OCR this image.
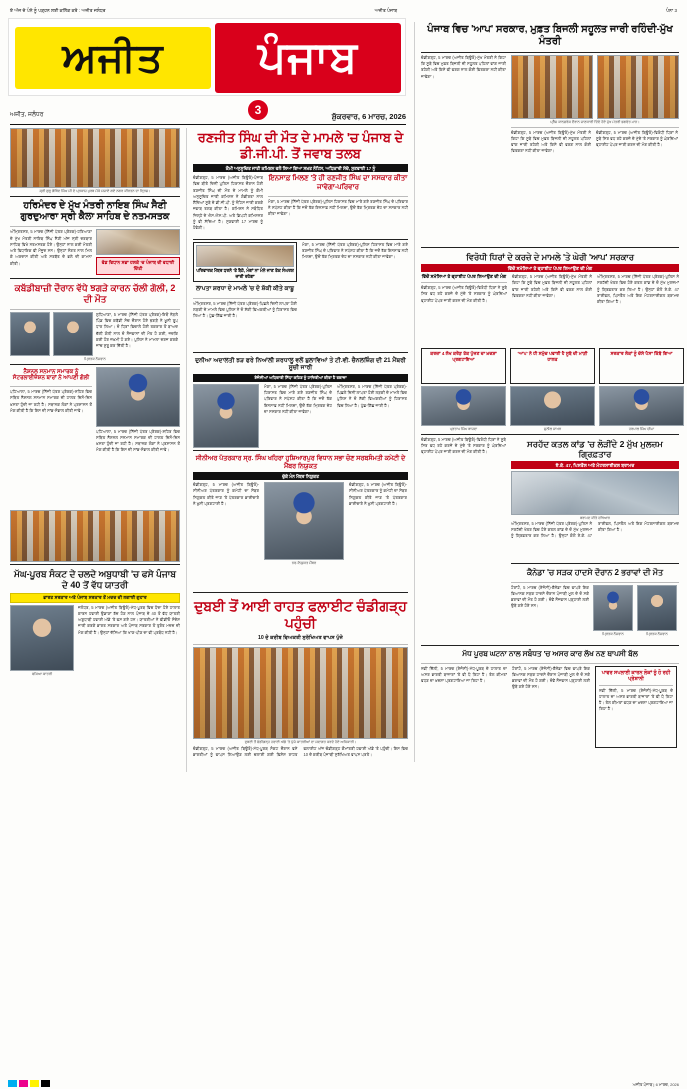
ਏ ਅੱਜ ਦੇ ਪੰਨੇ ਨੂੰ ਪੜ੍ਹਨ ਲਈ ਕਲਿੱਕ ਕਰੋ : ਅਜੀਤ ਜਲੰਧਰ	ਅਜੀਤ ਪੰਜਾਬ	ਪੰਨਾ 3
ਅਜੀਤ	ਪੰਜਾਬ
3
ਅਜੀਤ, ਜਲੰਧਰ	ਸ਼ੁੱਕਰਵਾਰ, 6 ਮਾਰਚ, 2026
ਸ੍ਰੀ ਗੁਰੂ ਗੋਬਿੰਦ ਸਿੰਘ ਜੀ ਦੇ ਪ੍ਰਕਾਸ਼ ਪੁਰਬ ਮੌਕੇ ਸਜਾਏ ਗਏ ਨਗਰ ਕੀਰਤਨ ਦਾ ਦ੍ਰਿਸ਼।
ਹਰਿਮੰਦਰ ਦੇ ਮੁੱਖ ਮੰਤਰੀ ਨਾਇਬ ਸਿੰਘ ਸੈਣੀ ਗੁਰਦੁਆਰਾ ਸ੍ਰੀ ਕੈਲਾ ਸਾਹਿਬ ਦੇ ਨਤਮਸਤਕ
ਅੰਮ੍ਰਿਤਸਰ, 5 ਮਾਰਚ (ਨਿੱਜੀ ਪੱਤਰ ਪ੍ਰੇਰਕ)-ਹਰਿਆਣਾ ਦੇ ਮੁੱਖ ਮੰਤਰੀ ਨਾਇਬ ਸਿੰਘ ਸੈਣੀ ਅੱਜ ਸ੍ਰੀ ਦਰਬਾਰ ਸਾਹਿਬ ਵਿਖੇ ਨਤਮਸਤਕ ਹੋਏ। ਉਨ੍ਹਾਂ ਨਾਲ ਕਈ ਮੰਤਰੀ ਅਤੇ ਵਿਧਾਇਕ ਵੀ ਮੌਜੂਦ ਸਨ। ਉਨ੍ਹਾਂ ਸੰਗਤ ਨਾਲ ਮਿਲ ਕੇ ਅਰਦਾਸ ਕੀਤੀ ਅਤੇ ਸਰਬੱਤ ਦੇ ਭਲੇ ਦੀ ਕਾਮਨਾ ਕੀਤੀ।	ਵੱਡ ਵਿਧਾਨ ਸਭਾ ਹਲਕੇ 'ਚ ਪੰਜਾਬ ਦੀ ਵਧਾਈ ਦਿੱਤੀ
ਕਬੱਡੀਬਾਜ਼ੀ ਦੌਰਾਨ ਵੱਧੇ ਝਗੜੇ ਕਾਰਨ ਚੱਲੀ ਗੋਲੀ, 2 ਦੀ ਮੌਤ
ਲੁਧਿਆਣਾ, 5 ਮਾਰਚ (ਨਿੱਜੀ ਪੱਤਰ ਪ੍ਰੇਰਕ)-ਇਥੋਂ ਨੇੜਲੇ ਪਿੰਡ ਵਿਚ ਕਬੱਡੀ ਮੈਚ ਦੌਰਾਨ ਹੋਏ ਝਗੜੇ ਨੇ ਖ਼ੂਨੀ ਰੂਪ ਧਾਰ ਲਿਆ। ਦੋ ਧਿਰਾਂ ਵਿਚਾਲੇ ਹੋਈ ਤਕਰਾਰ ਤੋਂ ਬਾਅਦ ਚੱਲੀ ਗੋਲੀ ਨਾਲ ਦੋ ਨੌਜਵਾਨਾਂ ਦੀ ਮੌਤ ਹੋ ਗਈ, ਜਦਕਿ ਕਈ ਹੋਰ ਜ਼ਖ਼ਮੀ ਹੋ ਗਏ। ਪੁਲਿਸ ਨੇ ਮਾਮਲਾ ਦਰਜ ਕਰਕੇ ਜਾਂਚ ਸ਼ੁਰੂ ਕਰ ਦਿੱਤੀ ਹੈ।
ਮ੍ਰਿਤਕ ਨੌਜਵਾਨ
ਨੈਸ਼ਨਲ ਸਨਮਾਨ ਸਮਾਰਕ ਨੂੰ ਸੰਟਰਲਾਈਜ਼ੇਸ਼ਨ ਬਾਰਾਂ ਨੇ ਆਪਣੀ ਗੋਲੀ
ਪਟਿਆਲਾ, 5 ਮਾਰਚ (ਨਿੱਜੀ ਪੱਤਰ ਪ੍ਰੇਰਕ)-ਸ਼ਹਿਰ ਵਿਚ ਸਥਿਤ ਨੈਸ਼ਨਲ ਸਨਮਾਨ ਸਮਾਰਕ ਦੀ ਹਾਲਤ ਦਿਨੋ-ਦਿਨ ਖ਼ਸਤਾ ਹੁੰਦੀ ਜਾ ਰਹੀ ਹੈ। ਸਥਾਨਕ ਲੋਕਾਂ ਨੇ ਪ੍ਰਸ਼ਾਸਨ ਤੋਂ ਮੰਗ ਕੀਤੀ ਹੈ ਕਿ ਇਸ ਦੀ ਸਾਂਭ-ਸੰਭਾਲ ਕੀਤੀ ਜਾਵੇ।
ਪਟਿਆਲਾ, 5 ਮਾਰਚ (ਨਿੱਜੀ ਪੱਤਰ ਪ੍ਰੇਰਕ)-ਸ਼ਹਿਰ ਵਿਚ ਸਥਿਤ ਨੈਸ਼ਨਲ ਸਨਮਾਨ ਸਮਾਰਕ ਦੀ ਹਾਲਤ ਦਿਨੋ-ਦਿਨ ਖ਼ਸਤਾ ਹੁੰਦੀ ਜਾ ਰਹੀ ਹੈ। ਸਥਾਨਕ ਲੋਕਾਂ ਨੇ ਪ੍ਰਸ਼ਾਸਨ ਤੋਂ ਮੰਗ ਕੀਤੀ ਹੈ ਕਿ ਇਸ ਦੀ ਸਾਂਭ-ਸੰਭਾਲ ਕੀਤੀ ਜਾਵੇ।
ਮੱਘ-ਪੂਰਬ ਸੰਕਟ ਦੇ ਚਲਦੇ ਅਬੁਧਾਬੀ 'ਚ ਫਸੇ ਪੰਜਾਬ ਦੇ 40 ਤੋਂ ਵੱਧ ਯਾਤਰੀ
ਭਾਰਤ ਸਰਕਾਰ ਅਤੇ ਪੰਜਾਬ ਸਰਕਾਰ ਤੋਂ ਮਦਦ ਦੀ ਲਗਾਈ ਗੁਹਾਰ
ਫਸਿਆ ਯਾਤਰੀ
ਜਲੰਧਰ, 5 ਮਾਰਚ (ਅਜੀਤ ਬਿਊਰੋ)-ਮੱਧ-ਪੂਰਬ ਵਿਚ ਪੈਦਾ ਹੋਏ ਹਾਲਾਤ ਕਾਰਨ ਹਵਾਈ ਉਡਾਣਾਂ ਰੱਦ ਹੋਣ ਨਾਲ ਪੰਜਾਬ ਦੇ 40 ਤੋਂ ਵੱਧ ਯਾਤਰੀ ਅਬੁਧਾਬੀ ਹਵਾਈ ਅੱਡੇ 'ਤੇ ਫਸ ਗਏ ਹਨ। ਯਾਤਰੀਆਂ ਨੇ ਵੀਡੀਓ ਸੰਦੇਸ਼ ਜਾਰੀ ਕਰਕੇ ਭਾਰਤ ਸਰਕਾਰ ਅਤੇ ਪੰਜਾਬ ਸਰਕਾਰ ਤੋਂ ਤੁਰੰਤ ਮਦਦ ਦੀ ਮੰਗ ਕੀਤੀ ਹੈ। ਉਨ੍ਹਾਂ ਦੱਸਿਆ ਕਿ ਖਾਣ-ਪੀਣ ਦਾ ਵੀ ਪ੍ਰਬੰਧ ਨਹੀਂ ਹੈ।
ਰਣਜੀਤ ਸਿੰਘ ਦੀ ਮੌਤ ਦੇ ਮਾਮਲੇ 'ਚ ਪੰਜਾਬ ਦੇ ਡੀ.ਜੀ.ਪੀ. ਤੋਂ ਜਵਾਬ ਤਲਬ
ਕੌਮੀ ਅਨੁਸੂਚਿਤ ਜਾਤੀ ਕਮਿਸ਼ਨ ਵਲੋਂ ਲਿਆ ਗਿਆ ਸਖ਼ਤ ਨੋਟਿਸ, ਅਧਿਕਾਰੀ ਸੱਦੇ, ਸੁਣਵਾਈ 17 ਨੂੰ
ਚੰਡੀਗੜ੍ਹ, 5 ਮਾਰਚ (ਅਜੀਤ ਬਿਊਰੋ)-ਪੰਜਾਬ ਵਿਚ ਬੀਤੇ ਦਿਨੀਂ ਪੁਲਿਸ ਹਿਰਾਸਤ ਦੌਰਾਨ ਹੋਈ ਰਣਜੀਤ ਸਿੰਘ ਦੀ ਮੌਤ ਦੇ ਮਾਮਲੇ ਨੂੰ ਕੌਮੀ ਅਨੁਸੂਚਿਤ ਜਾਤੀ ਕਮਿਸ਼ਨ ਨੇ ਗੰਭੀਰਤਾ ਨਾਲ ਲੈਂਦਿਆਂ ਸੂਬੇ ਦੇ ਡੀ.ਜੀ.ਪੀ. ਨੂੰ ਨੋਟਿਸ ਜਾਰੀ ਕਰਕੇ ਜਵਾਬ ਤਲਬ ਕੀਤਾ ਹੈ। ਕਮਿਸ਼ਨ ਨੇ ਸਬੰਧਿਤ ਜ਼ਿਲ੍ਹੇ ਦੇ ਐਸ.ਐਸ.ਪੀ. ਅਤੇ ਡਿਪਟੀ ਕਮਿਸ਼ਨਰ ਨੂੰ ਵੀ ਸੱਦਿਆ ਹੈ। ਸੁਣਵਾਈ 17 ਮਾਰਚ ਨੂੰ ਹੋਵੇਗੀ।
ਇਨਸਾਫ਼ ਮਿਲਣ 'ਤੇ ਹੀ ਰਣਜੀਤ ਸਿੰਘ ਦਾ ਸਸਕਾਰ ਕੀਤਾ ਜਾਵੇਗਾ-ਪਰਿਵਾਰ
ਮੋਗਾ, 5 ਮਾਰਚ (ਨਿੱਜੀ ਪੱਤਰ ਪ੍ਰੇਰਕ)-ਪੁਲਿਸ ਹਿਰਾਸਤ ਵਿਚ ਮਾਰੇ ਗਏ ਰਣਜੀਤ ਸਿੰਘ ਦੇ ਪਰਿਵਾਰ ਨੇ ਸਪੱਸ਼ਟ ਕੀਤਾ ਹੈ ਕਿ ਜਦੋਂ ਤੱਕ ਇਨਸਾਫ਼ ਨਹੀਂ ਮਿਲਦਾ, ਉਦੋਂ ਤੱਕ ਮ੍ਰਿਤਕ ਦੇਹ ਦਾ ਸਸਕਾਰ ਨਹੀਂ ਕੀਤਾ ਜਾਵੇਗਾ।
ਪਰਿਵਾਰਕ ਮੈਂਬਰ ਧਰਨੇ 'ਤੇ ਬੈਠੇ, ਮੰਗਾਂ ਨਾ ਮੰਨੇ ਜਾਣ ਤੱਕ ਸੰਘਰਸ਼ ਜਾਰੀ ਰਹੇਗਾ
ਲਾਪਤਾ ਸ਼ਰਧਾ ਦੇ ਮਾਮਲੇ 'ਚ ਦੋ ਸ਼ੱਕੀ ਕੀਤੇ ਕਾਬੂ
ਅੰਮ੍ਰਿਤਸਰ, 5 ਮਾਰਚ (ਨਿੱਜੀ ਪੱਤਰ ਪ੍ਰੇਰਕ)-ਪਿਛਲੇ ਦਿਨੀਂ ਲਾਪਤਾ ਹੋਈ ਲੜਕੀ ਦੇ ਮਾਮਲੇ ਵਿਚ ਪੁਲਿਸ ਨੇ ਦੋ ਸ਼ੱਕੀ ਵਿਅਕਤੀਆਂ ਨੂੰ ਹਿਰਾਸਤ ਵਿਚ ਲਿਆ ਹੈ। ਪੁੱਛ-ਗਿੱਛ ਜਾਰੀ ਹੈ।
ਮੋਗਾ, 5 ਮਾਰਚ (ਨਿੱਜੀ ਪੱਤਰ ਪ੍ਰੇਰਕ)-ਪੁਲਿਸ ਹਿਰਾਸਤ ਵਿਚ ਮਾਰੇ ਗਏ ਰਣਜੀਤ ਸਿੰਘ ਦੇ ਪਰਿਵਾਰ ਨੇ ਸਪੱਸ਼ਟ ਕੀਤਾ ਹੈ ਕਿ ਜਦੋਂ ਤੱਕ ਇਨਸਾਫ਼ ਨਹੀਂ ਮਿਲਦਾ, ਉਦੋਂ ਤੱਕ ਮ੍ਰਿਤਕ ਦੇਹ ਦਾ ਸਸਕਾਰ ਨਹੀਂ ਕੀਤਾ ਜਾਵੇਗਾ।
ਦੁਨੀਆ ਅਦਾਲਤੀ ਝੜ ਫਰੇ ਨਿਆਂਲੀ ਸ਼ਰਧਾਲੂ ਵਲੋਂ ਬੁਲਾਵਿਆਂ ਤੇ ਟੀ.ਵੀ. ਚੈਨਲਜ਼ਿੰਗ ਦੀ 21 ਮੈਂਬਰੀ ਸੂਚੀ ਜਾਰੀ
ਏਜੰਸੀਆਂ ਅਧਿਕਾਰੀ ਸਿੱਧਾ ਕਹਿਣ ਨੂੰ ਹਾਜ਼ਿਰੀਆਂ ਕੀਤਾ ਹੈ ਤਕਾਜ਼ਾ
ਮੋਗਾ, 5 ਮਾਰਚ (ਨਿੱਜੀ ਪੱਤਰ ਪ੍ਰੇਰਕ)-ਪੁਲਿਸ ਹਿਰਾਸਤ ਵਿਚ ਮਾਰੇ ਗਏ ਰਣਜੀਤ ਸਿੰਘ ਦੇ ਪਰਿਵਾਰ ਨੇ ਸਪੱਸ਼ਟ ਕੀਤਾ ਹੈ ਕਿ ਜਦੋਂ ਤੱਕ ਇਨਸਾਫ਼ ਨਹੀਂ ਮਿਲਦਾ, ਉਦੋਂ ਤੱਕ ਮ੍ਰਿਤਕ ਦੇਹ ਦਾ ਸਸਕਾਰ ਨਹੀਂ ਕੀਤਾ ਜਾਵੇਗਾ।
ਅੰਮ੍ਰਿਤਸਰ, 5 ਮਾਰਚ (ਨਿੱਜੀ ਪੱਤਰ ਪ੍ਰੇਰਕ)-ਪਿਛਲੇ ਦਿਨੀਂ ਲਾਪਤਾ ਹੋਈ ਲੜਕੀ ਦੇ ਮਾਮਲੇ ਵਿਚ ਪੁਲਿਸ ਨੇ ਦੋ ਸ਼ੱਕੀ ਵਿਅਕਤੀਆਂ ਨੂੰ ਹਿਰਾਸਤ ਵਿਚ ਲਿਆ ਹੈ। ਪੁੱਛ-ਗਿੱਛ ਜਾਰੀ ਹੈ।
ਸੀਨੀਅਰ ਪੱਤਰਕਾਰ ਸ੍ਰ. ਸਿੰਘ ਖਹਿਰਾ ਹੁਸ਼ਿਆਰਪੁਰ ਵਿਧਾਨ ਸਭਾ ਚੋਣ ਸਰਬਸੰਮਤੀ ਕਮੇਟੀ ਦੇ ਮੈਂਬਰ ਨਿਯੁਕਤ
ਚੁੱਕੇ ਮੰਨ ਮੈਂਬਰ ਨਿਯੁਕਤ
ਚੰਡੀਗੜ੍ਹ, 5 ਮਾਰਚ (ਅਜੀਤ ਬਿਊਰੋ)-ਸੀਨੀਅਰ ਪੱਤਰਕਾਰ ਨੂੰ ਕਮੇਟੀ ਦਾ ਮੈਂਬਰ ਨਿਯੁਕਤ ਕੀਤੇ ਜਾਣ 'ਤੇ ਪੱਤਰਕਾਰ ਭਾਈਚਾਰੇ ਨੇ ਖ਼ੁਸ਼ੀ ਪ੍ਰਗਟਾਈ ਹੈ।
ਨਵ-ਨਿਯੁਕਤ ਮੈਂਬਰ
ਚੰਡੀਗੜ੍ਹ, 5 ਮਾਰਚ (ਅਜੀਤ ਬਿਊਰੋ)-ਸੀਨੀਅਰ ਪੱਤਰਕਾਰ ਨੂੰ ਕਮੇਟੀ ਦਾ ਮੈਂਬਰ ਨਿਯੁਕਤ ਕੀਤੇ ਜਾਣ 'ਤੇ ਪੱਤਰਕਾਰ ਭਾਈਚਾਰੇ ਨੇ ਖ਼ੁਸ਼ੀ ਪ੍ਰਗਟਾਈ ਹੈ।
ਦੁਬਈ ਤੋਂ ਆਈ ਰਾਹਤ ਫਲਾਈਟ ਚੰਡੀਗੜ੍ਹ ਪਹੁੰਚੀ
10 ਦੇ ਕਰੀਬ ਵਿਅਕਤੀ ਸੁਰੱਖਿਅਤ ਵਾਪਸ ਪੁੱਜੇ
ਦੁਬਈ ਤੋਂ ਚੰਡੀਗੜ੍ਹ ਹਵਾਈ ਅੱਡੇ 'ਤੇ ਪੁੱਜੇ ਯਾਤਰੀਆਂ ਦਾ ਸਵਾਗਤ ਕਰਦੇ ਹੋਏ ਅਧਿਕਾਰੀ।
ਚੰਡੀਗੜ੍ਹ, 5 ਮਾਰਚ (ਅਜੀਤ ਬਿਊਰੋ)-ਮੱਧ-ਪੂਰਬ ਸੰਕਟ ਦੌਰਾਨ ਫਸੇ ਭਾਰਤੀਆਂ ਨੂੰ ਵਾਪਸ ਲਿਆਉਣ ਲਈ ਚਲਾਈ ਗਈ ਵਿਸ਼ੇਸ਼ ਰਾਹਤ ਫਲਾਈਟ ਅੱਜ ਚੰਡੀਗੜ੍ਹ ਕੌਮਾਂਤਰੀ ਹਵਾਈ ਅੱਡੇ 'ਤੇ ਪਹੁੰਚੀ। ਇਸ ਵਿਚ 10 ਦੇ ਕਰੀਬ ਪੰਜਾਬੀ ਸੁਰੱਖਿਅਤ ਵਾਪਸ ਪਰਤੇ।
ਪੰਜਾਬ ਵਿਚ 'ਆਪ' ਸਰਕਾਰ, ਮੁਫ਼ਤ ਬਿਜਲੀ ਸਹੂਲਤ ਜਾਰੀ ਰਹਿੰਦੀ-ਮੁੱਖ ਮੰਤਰੀ
ਚੰਡੀਗੜ੍ਹ, 5 ਮਾਰਚ (ਅਜੀਤ ਬਿਊਰੋ)-ਮੁੱਖ ਮੰਤਰੀ ਨੇ ਕਿਹਾ ਕਿ ਸੂਬੇ ਵਿਚ ਮੁਫ਼ਤ ਬਿਜਲੀ ਦੀ ਸਹੂਲਤ ਪਹਿਲਾਂ ਵਾਂਗ ਜਾਰੀ ਰਹੇਗੀ ਅਤੇ ਕਿਸੇ ਵੀ ਵਰਗ ਨਾਲ ਕੋਈ ਵਿਤਕਰਾ ਨਹੀਂ ਕੀਤਾ ਜਾਵੇਗਾ।
ਪ੍ਰੈੱਸ ਕਾਨਫ਼ਰੰਸ ਦੌਰਾਨ ਜਾਣਕਾਰੀ ਦਿੰਦੇ ਹੋਏ ਮੁੱਖ ਮੰਤਰੀ ਭਗਵੰਤ ਮਾਨ।
ਚੰਡੀਗੜ੍ਹ, 5 ਮਾਰਚ (ਅਜੀਤ ਬਿਊਰੋ)-ਮੁੱਖ ਮੰਤਰੀ ਨੇ ਕਿਹਾ ਕਿ ਸੂਬੇ ਵਿਚ ਮੁਫ਼ਤ ਬਿਜਲੀ ਦੀ ਸਹੂਲਤ ਪਹਿਲਾਂ ਵਾਂਗ ਜਾਰੀ ਰਹੇਗੀ ਅਤੇ ਕਿਸੇ ਵੀ ਵਰਗ ਨਾਲ ਕੋਈ ਵਿਤਕਰਾ ਨਹੀਂ ਕੀਤਾ ਜਾਵੇਗਾ।
ਚੰਡੀਗੜ੍ਹ, 5 ਮਾਰਚ (ਅਜੀਤ ਬਿਊਰੋ)-ਵਿਰੋਧੀ ਧਿਰਾਂ ਨੇ ਸੂਬੇ ਸਿਰ ਵਧ ਰਹੇ ਕਰਜ਼ੇ ਦੇ ਮੁੱਦੇ 'ਤੇ ਸਰਕਾਰ ਨੂੰ ਘੇਰਦਿਆਂ ਵ੍ਹਾਈਟ ਪੇਪਰ ਜਾਰੀ ਕਰਨ ਦੀ ਮੰਗ ਕੀਤੀ ਹੈ।
ਵਿਰੋਧੀ ਧਿਰਾਂ ਦੇ ਕਰਜ਼ੇ ਦੇ ਮਾਮਲੇ 'ਤੇ ਘੇਰੀ 'ਆਪ' ਸਰਕਾਰ
ਵਿੱਚੋਂ ਸਮੱਸਿਆ ਤੇ ਵ੍ਹਾਈਟ ਪੇਪਰ ਲਿਆਉਣ ਦੀ ਮੰਗ
ਵਿੱਚੋਂ ਸਮੱਸਿਆ ਤੇ ਵ੍ਹਾਈਟ ਪੇਪਰ ਲਿਆਉਣ ਦੀ ਮੰਗ
ਚੰਡੀਗੜ੍ਹ, 5 ਮਾਰਚ (ਅਜੀਤ ਬਿਊਰੋ)-ਵਿਰੋਧੀ ਧਿਰਾਂ ਨੇ ਸੂਬੇ ਸਿਰ ਵਧ ਰਹੇ ਕਰਜ਼ੇ ਦੇ ਮੁੱਦੇ 'ਤੇ ਸਰਕਾਰ ਨੂੰ ਘੇਰਦਿਆਂ ਵ੍ਹਾਈਟ ਪੇਪਰ ਜਾਰੀ ਕਰਨ ਦੀ ਮੰਗ ਕੀਤੀ ਹੈ।
ਚੰਡੀਗੜ੍ਹ, 5 ਮਾਰਚ (ਅਜੀਤ ਬਿਊਰੋ)-ਮੁੱਖ ਮੰਤਰੀ ਨੇ ਕਿਹਾ ਕਿ ਸੂਬੇ ਵਿਚ ਮੁਫ਼ਤ ਬਿਜਲੀ ਦੀ ਸਹੂਲਤ ਪਹਿਲਾਂ ਵਾਂਗ ਜਾਰੀ ਰਹੇਗੀ ਅਤੇ ਕਿਸੇ ਵੀ ਵਰਗ ਨਾਲ ਕੋਈ ਵਿਤਕਰਾ ਨਹੀਂ ਕੀਤਾ ਜਾਵੇਗਾ।
ਅੰਮ੍ਰਿਤਸਰ, 5 ਮਾਰਚ (ਨਿੱਜੀ ਪੱਤਰ ਪ੍ਰੇਰਕ)-ਪੁਲਿਸ ਨੇ ਸਰਹੱਦੀ ਖੇਤਰ ਵਿਚ ਹੋਏ ਕਤਲ ਕਾਂਡ ਦੇ ਦੋ ਮੁੱਖ ਮੁਲਜ਼ਮਾਂ ਨੂੰ ਗ੍ਰਿਫ਼ਤਾਰ ਕਰ ਲਿਆ ਹੈ। ਉਨ੍ਹਾਂ ਕੋਲੋਂ ਏ.ਕੇ. 47 ਰਾਈਫਲ, ਪਿਸਤੌਲ ਅਤੇ ਇਕ ਮੋਟਰਸਾਈਕਲ ਬਰਾਮਦ ਕੀਤਾ ਗਿਆ ਹੈ।
ਕਰਜ਼ਾ 4 ਲੱਖ ਕਰੋੜ ਤੱਕ ਪੁੱਜਣ ਦਾ ਖ਼ਦਸ਼ਾ ਪ੍ਰਗਟਾਇਆ
ਪ੍ਰਤਾਪ ਸਿੰਘ ਬਾਜਵਾ
'ਆਪ' ਨੇ ਹੀ ਸਮੁੱਚ ਪਵਾਈ ਹੈ ਸੂਬੇ ਦੀ ਮਾੜੀ ਹਾਲਤ
ਸੁਨੀਲ ਜਾਖੜ
ਸਰਕਾਰ ਲੋਕਾਂ ਨੂੰ ਦੱਸੇ ਪੈਸਾ ਕਿੱਥੇ ਗਿਆ
ਹਰਪਾਲ ਸਿੰਘ ਚੀਮਾ
ਚੰਡੀਗੜ੍ਹ, 5 ਮਾਰਚ (ਅਜੀਤ ਬਿਊਰੋ)-ਵਿਰੋਧੀ ਧਿਰਾਂ ਨੇ ਸੂਬੇ ਸਿਰ ਵਧ ਰਹੇ ਕਰਜ਼ੇ ਦੇ ਮੁੱਦੇ 'ਤੇ ਸਰਕਾਰ ਨੂੰ ਘੇਰਦਿਆਂ ਵ੍ਹਾਈਟ ਪੇਪਰ ਜਾਰੀ ਕਰਨ ਦੀ ਮੰਗ ਕੀਤੀ ਹੈ।
ਸਰਹੱਦ ਕਤਲ ਕਾਂਡ 'ਚ ਲੋੜੀਂਦੇ 2 ਮੁੱਖ ਮੁਲਜ਼ਮ ਗ੍ਰਿਫ਼ਤਾਰ
ਏ.ਕੇ. 47, ਪਿਸਤੌਲ ਅਤੇ ਮੋਟਰਸਾਈਕਲ ਬਰਾਮਦ
ਬਰਾਮਦ ਕੀਤੇ ਹਥਿਆਰ
ਅੰਮ੍ਰਿਤਸਰ, 5 ਮਾਰਚ (ਨਿੱਜੀ ਪੱਤਰ ਪ੍ਰੇਰਕ)-ਪੁਲਿਸ ਨੇ ਸਰਹੱਦੀ ਖੇਤਰ ਵਿਚ ਹੋਏ ਕਤਲ ਕਾਂਡ ਦੇ ਦੋ ਮੁੱਖ ਮੁਲਜ਼ਮਾਂ ਨੂੰ ਗ੍ਰਿਫ਼ਤਾਰ ਕਰ ਲਿਆ ਹੈ। ਉਨ੍ਹਾਂ ਕੋਲੋਂ ਏ.ਕੇ. 47 ਰਾਈਫਲ, ਪਿਸਤੌਲ ਅਤੇ ਇਕ ਮੋਟਰਸਾਈਕਲ ਬਰਾਮਦ ਕੀਤਾ ਗਿਆ ਹੈ।
ਕੈਨੇਡਾ 'ਚ ਸੜਕ ਹਾਦਸੇ ਦੌਰਾਨ 2 ਭਰਾਵਾਂ ਦੀ ਮੌਤ
ਟੋਰਾਂਟੋ, 5 ਮਾਰਚ (ਏਜੰਸੀ)-ਕੈਨੇਡਾ ਵਿਚ ਵਾਪਰੇ ਇਕ ਭਿਆਨਕ ਸੜਕ ਹਾਦਸੇ ਦੌਰਾਨ ਪੰਜਾਬੀ ਮੂਲ ਦੇ ਦੋ ਸਕੇ ਭਰਾਵਾਂ ਦੀ ਮੌਤ ਹੋ ਗਈ। ਦੋਵੇਂ ਨੌਜਵਾਨ ਪੜ੍ਹਾਈ ਲਈ ਉਥੇ ਗਏ ਹੋਏ ਸਨ।
ਮ੍ਰਿਤਕ ਨੌਜਵਾਨ	ਮ੍ਰਿਤਕ ਨੌਜਵਾਨ
ਮੱਧ ਪੂਰਬ ਘਟਨਾ ਨਾਲ ਸਬੰਧਤ 'ਚ ਅਸਰ ਕਾਰ ਲੱਖ ਨਣ ਥਾਪਸੀ ਬੱਲ
ਨਵੀਂ ਦਿੱਲੀ, 5 ਮਾਰਚ (ਏਜੰਸੀ)-ਮੱਧ-ਪੂਰਬ ਦੇ ਹਾਲਾਤ ਦਾ ਅਸਰ ਭਾਰਤੀ ਬਾਜ਼ਾਰਾਂ 'ਤੇ ਵੀ ਪੈ ਰਿਹਾ ਹੈ। ਤੇਲ ਕੀਮਤਾਂ ਵਧਣ ਦਾ ਖ਼ਦਸ਼ਾ ਪ੍ਰਗਟਾਇਆ ਜਾ ਰਿਹਾ ਹੈ।
ਟੋਰਾਂਟੋ, 5 ਮਾਰਚ (ਏਜੰਸੀ)-ਕੈਨੇਡਾ ਵਿਚ ਵਾਪਰੇ ਇਕ ਭਿਆਨਕ ਸੜਕ ਹਾਦਸੇ ਦੌਰਾਨ ਪੰਜਾਬੀ ਮੂਲ ਦੇ ਦੋ ਸਕੇ ਭਰਾਵਾਂ ਦੀ ਮੌਤ ਹੋ ਗਈ। ਦੋਵੇਂ ਨੌਜਵਾਨ ਪੜ੍ਹਾਈ ਲਈ ਉਥੇ ਗਏ ਹੋਏ ਸਨ।
ਪਾਵਰ ਸਪਲਾਈ ਕਾਰਨ ਲੋਕਾਂ ਨੂੰ ਹੋ ਰਹੀ ਪ੍ਰੇਸ਼ਾਨੀ
ਨਵੀਂ ਦਿੱਲੀ, 5 ਮਾਰਚ (ਏਜੰਸੀ)-ਮੱਧ-ਪੂਰਬ ਦੇ ਹਾਲਾਤ ਦਾ ਅਸਰ ਭਾਰਤੀ ਬਾਜ਼ਾਰਾਂ 'ਤੇ ਵੀ ਪੈ ਰਿਹਾ ਹੈ। ਤੇਲ ਕੀਮਤਾਂ ਵਧਣ ਦਾ ਖ਼ਦਸ਼ਾ ਪ੍ਰਗਟਾਇਆ ਜਾ ਰਿਹਾ ਹੈ।
ਅਜੀਤ ਪੰਜਾਬ | 6 ਮਾਰਚ, 2026
